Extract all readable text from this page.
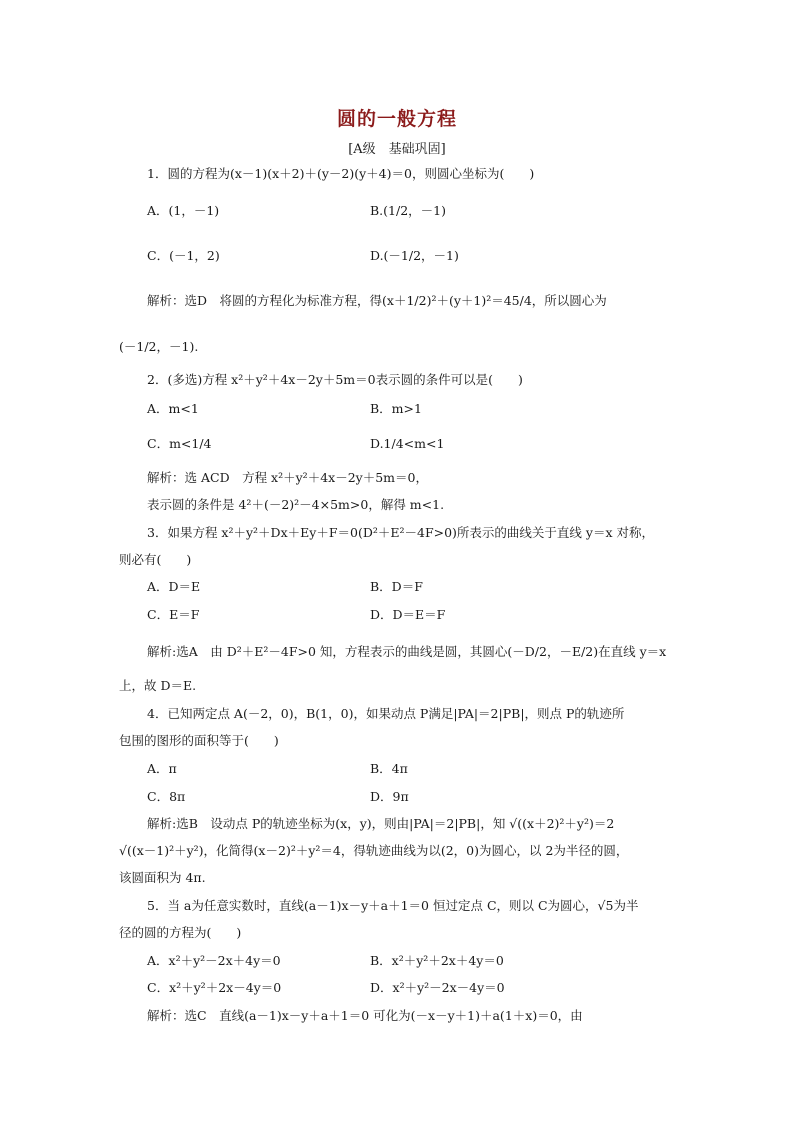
圆的一般方程
[A级　基础巩固]
1．圆的方程为(x－1)(x＋2)＋(y－2)(y＋4)＝0，则圆心坐标为(　　)
A．(1，－1)	B.(1/2，－1)
C．(－1，2)	D.(－1/2，－1)
解析：选D　将圆的方程化为标准方程，得(x＋1/2)²＋(y＋1)²＝45/4，所以圆心为
(－1/2，－1).
2．(多选)方程 x²＋y²＋4x－2y＋5m＝0表示圆的条件可以是(　　)
A．m<1	B．m>1
C．m<1/4	D.1/4<m<1
解析：选 ACD　方程 x²＋y²＋4x－2y＋5m＝0，
表示圆的条件是 4²＋(－2)²－4×5m>0，解得 m<1.
3．如果方程 x²＋y²＋Dx＋Ey＋F＝0(D²＋E²－4F>0)所表示的曲线关于直线 y＝x 对称，
则必有(　　)
A．D＝E	B．D＝F
C．E＝F	D．D＝E＝F
解析:选A　由 D²＋E²－4F>0 知，方程表示的曲线是圆，其圆心(－D/2，－E/2)在直线 y＝x
上，故 D＝E.
4．已知两定点 A(－2，0)，B(1，0)，如果动点 P满足|PA|＝2|PB|，则点 P的轨迹所
包围的图形的面积等于(　　)
A．π	B．4π
C．8π	D．9π
解析:选B　设动点 P的轨迹坐标为(x，y)，则由|PA|＝2|PB|，知 √((x＋2)²＋y²)＝2
√((x－1)²＋y²)，化简得(x－2)²＋y²＝4，得轨迹曲线为以(2，0)为圆心，以 2为半径的圆，
该圆面积为 4π.
5．当 a为任意实数时，直线(a－1)x－y＋a＋1＝0 恒过定点 C，则以 C为圆心，√5为半
径的圆的方程为(　　)
A．x²＋y²－2x＋4y＝0	B．x²＋y²＋2x＋4y＝0
C．x²＋y²＋2x－4y＝0	D．x²＋y²－2x－4y＝0
解析：选C　直线(a－1)x－y＋a＋1＝0 可化为(－x－y＋1)＋a(1＋x)＝0，由
